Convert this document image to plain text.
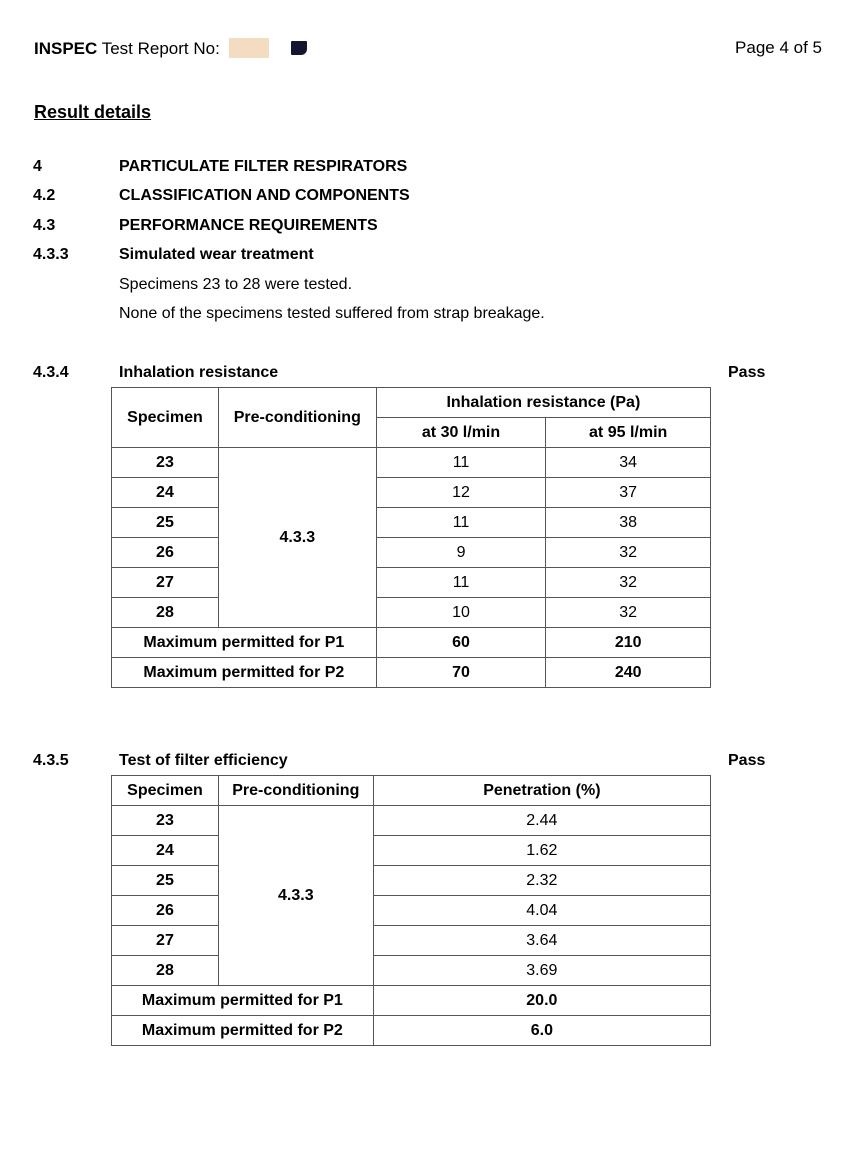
INSPEC Test Report No:	Page 4 of 5
Result details
4	PARTICULATE FILTER RESPIRATORS
4.2	CLASSIFICATION AND COMPONENTS
4.3	PERFORMANCE REQUIREMENTS
4.3.3	Simulated wear treatment
Specimens 23 to 28 were tested.
None of the specimens tested suffered from strap breakage.
4.3.4	Inhalation resistance	Pass
Specimen	Pre-conditioning	Inhalation resistance (Pa)	
		at 30 l/min	at 95 l/min
23	4.3.3	11	34
24		12	37
25		11	38
26		9	32
27		11	32
28		10	32
Maximum permitted for P1		60	210
Maximum permitted for P2		70	240
4.3.5	Test of filter efficiency	Pass
Specimen	Pre-conditioning	Penetration (%)
23	4.3.3	2.44
24		1.62
25		2.32
26		4.04
27		3.64
28		3.69
Maximum permitted for P1		20.0
Maximum permitted for P2		6.0
